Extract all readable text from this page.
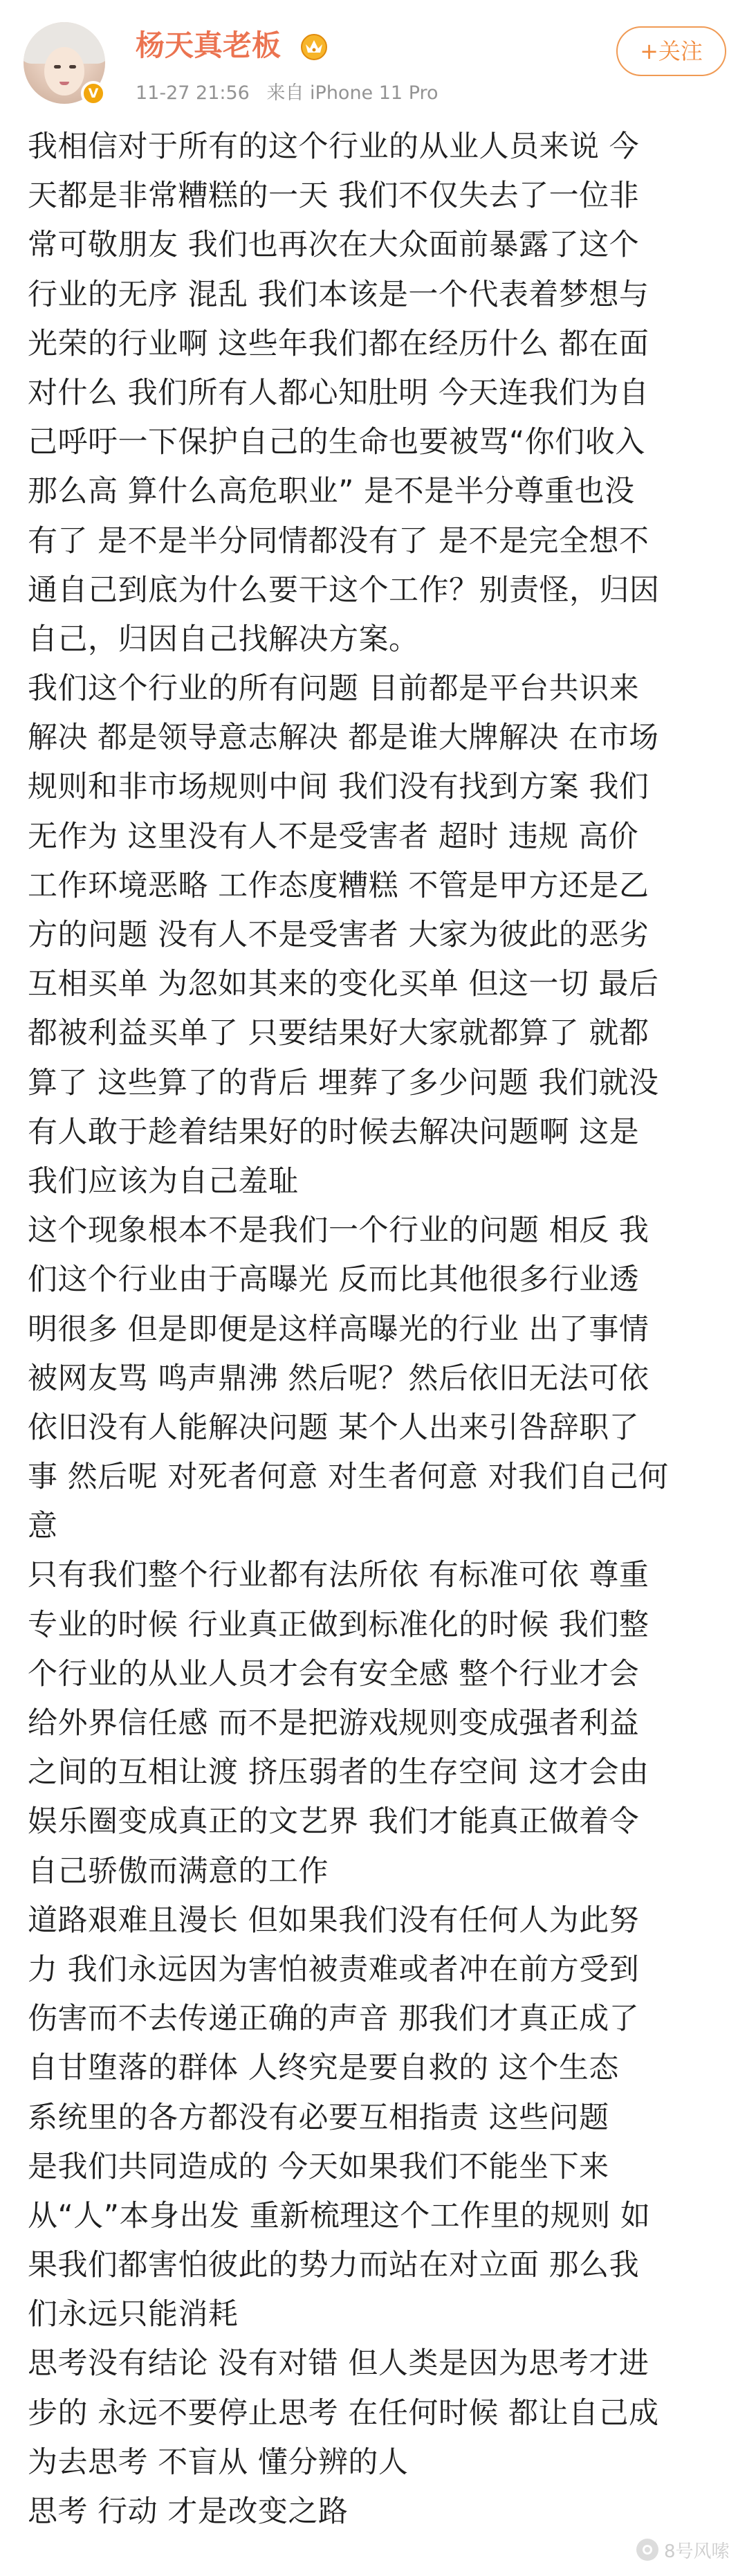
V
杨天真老板
11-27 21:56 来自 iPhone 11 Pro
+关注
我相信对于所有的这个行业的从业人员来说 今
天都是非常糟糕的一天 我们不仅失去了一位非
常可敬朋友 我们也再次在大众面前暴露了这个
行业的无序 混乱 我们本该是一个代表着梦想与
光荣的行业啊 这些年我们都在经历什么 都在面
对什么 我们所有人都心知肚明 今天连我们为自
己呼吁一下保护自己的生命也要被骂“你们收入
那么高 算什么高危职业” 是不是半分尊重也没
有了 是不是半分同情都没有了 是不是完全想不
通自己到底为什么要干这个工作？别责怪，归因
自己，归因自己找解决方案。
我们这个行业的所有问题 目前都是平台共识来
解决 都是领导意志解决 都是谁大牌解决 在市场
规则和非市场规则中间 我们没有找到方案 我们
无作为 这里没有人不是受害者 超时 违规 高价
工作环境恶略 工作态度糟糕 不管是甲方还是乙
方的问题 没有人不是受害者 大家为彼此的恶劣
互相买单 为忽如其来的变化买单 但这一切 最后
都被利益买单了 只要结果好大家就都算了 就都
算了 这些算了的背后 埋葬了多少问题 我们就没
有人敢于趁着结果好的时候去解决问题啊 这是
我们应该为自己羞耻
这个现象根本不是我们一个行业的问题 相反 我
们这个行业由于高曝光 反而比其他很多行业透
明很多 但是即便是这样高曝光的行业 出了事情
被网友骂 鸣声鼎沸 然后呢？然后依旧无法可依
依旧没有人能解决问题 某个人出来引咎辞职了
事 然后呢 对死者何意 对生者何意 对我们自己何
意
只有我们整个行业都有法所依 有标准可依 尊重
专业的时候 行业真正做到标准化的时候 我们整
个行业的从业人员才会有安全感 整个行业才会
给外界信任感 而不是把游戏规则变成强者利益
之间的互相让渡 挤压弱者的生存空间 这才会由
娱乐圈变成真正的文艺界 我们才能真正做着令
自己骄傲而满意的工作
道路艰难且漫长 但如果我们没有任何人为此努
力 我们永远因为害怕被责难或者冲在前方受到
伤害而不去传递正确的声音 那我们才真正成了
自甘堕落的群体 人终究是要自救的 这个生态
系统里的各方都没有必要互相指责 这些问题
是我们共同造成的 今天如果我们不能坐下来
从“人”本身出发 重新梳理这个工作里的规则 如
果我们都害怕彼此的势力而站在对立面 那么我
们永远只能消耗
思考没有结论 没有对错 但人类是因为思考才进
步的 永远不要停止思考 在任何时候 都让自己成
为去思考 不盲从 懂分辨的人
思考 行动 才是改变之路
8号风嗦
